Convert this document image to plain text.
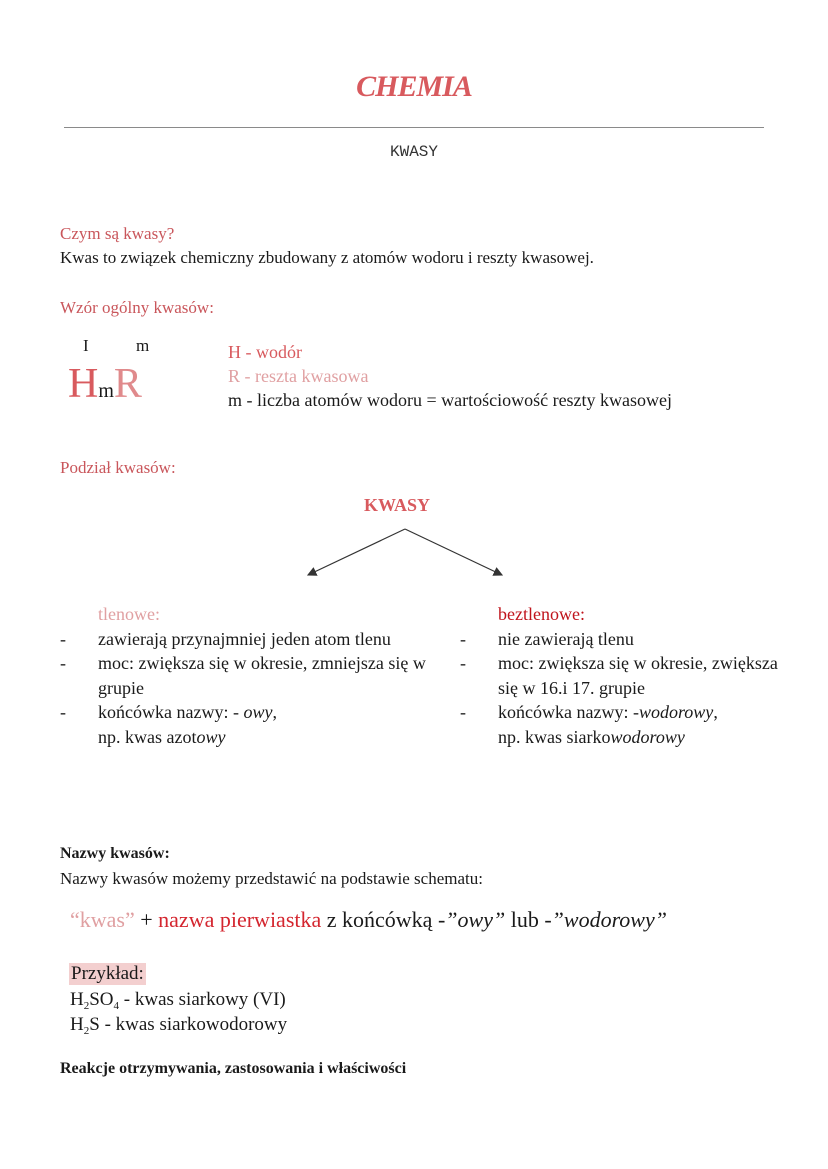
CHEMIA
KWASY
Czym są kwasy?
Kwas to związek chemiczny zbudowany z atomów wodoru i reszty kwasowej.
Wzór ogólny kwasów:
I	m
HmR
H - wodór
R - reszta kwasowa
m - liczba atomów wodoru = wartościowość reszty kwasowej
Podział kwasów:
KWASY
tlenowe:
- zawierają przynajmniej jeden atom tlenu
- moc: zwiększa się w okresie, zmniejsza się w grupie
- końcówka nazwy: - owy,
np. kwas azotowy
beztlenowe:
- nie zawierają tlenu
- moc: zwiększa się w okresie, zwiększa się w 16.i 17. grupie
- końcówka nazwy: -wodorowy,
np. kwas siarkowodorowy
Nazwy kwasów:
Nazwy kwasów możemy przedstawić na podstawie schematu:
“kwas” + nazwa pierwiastka z końcówką -”owy” lub -”wodorowy”
Przykład:
$H_2SO_4$ - kwas siarkowy (VI)
$H_2S$ - kwas siarkowodorowy
Reakcje otrzymywania, zastosowania i właściwości
